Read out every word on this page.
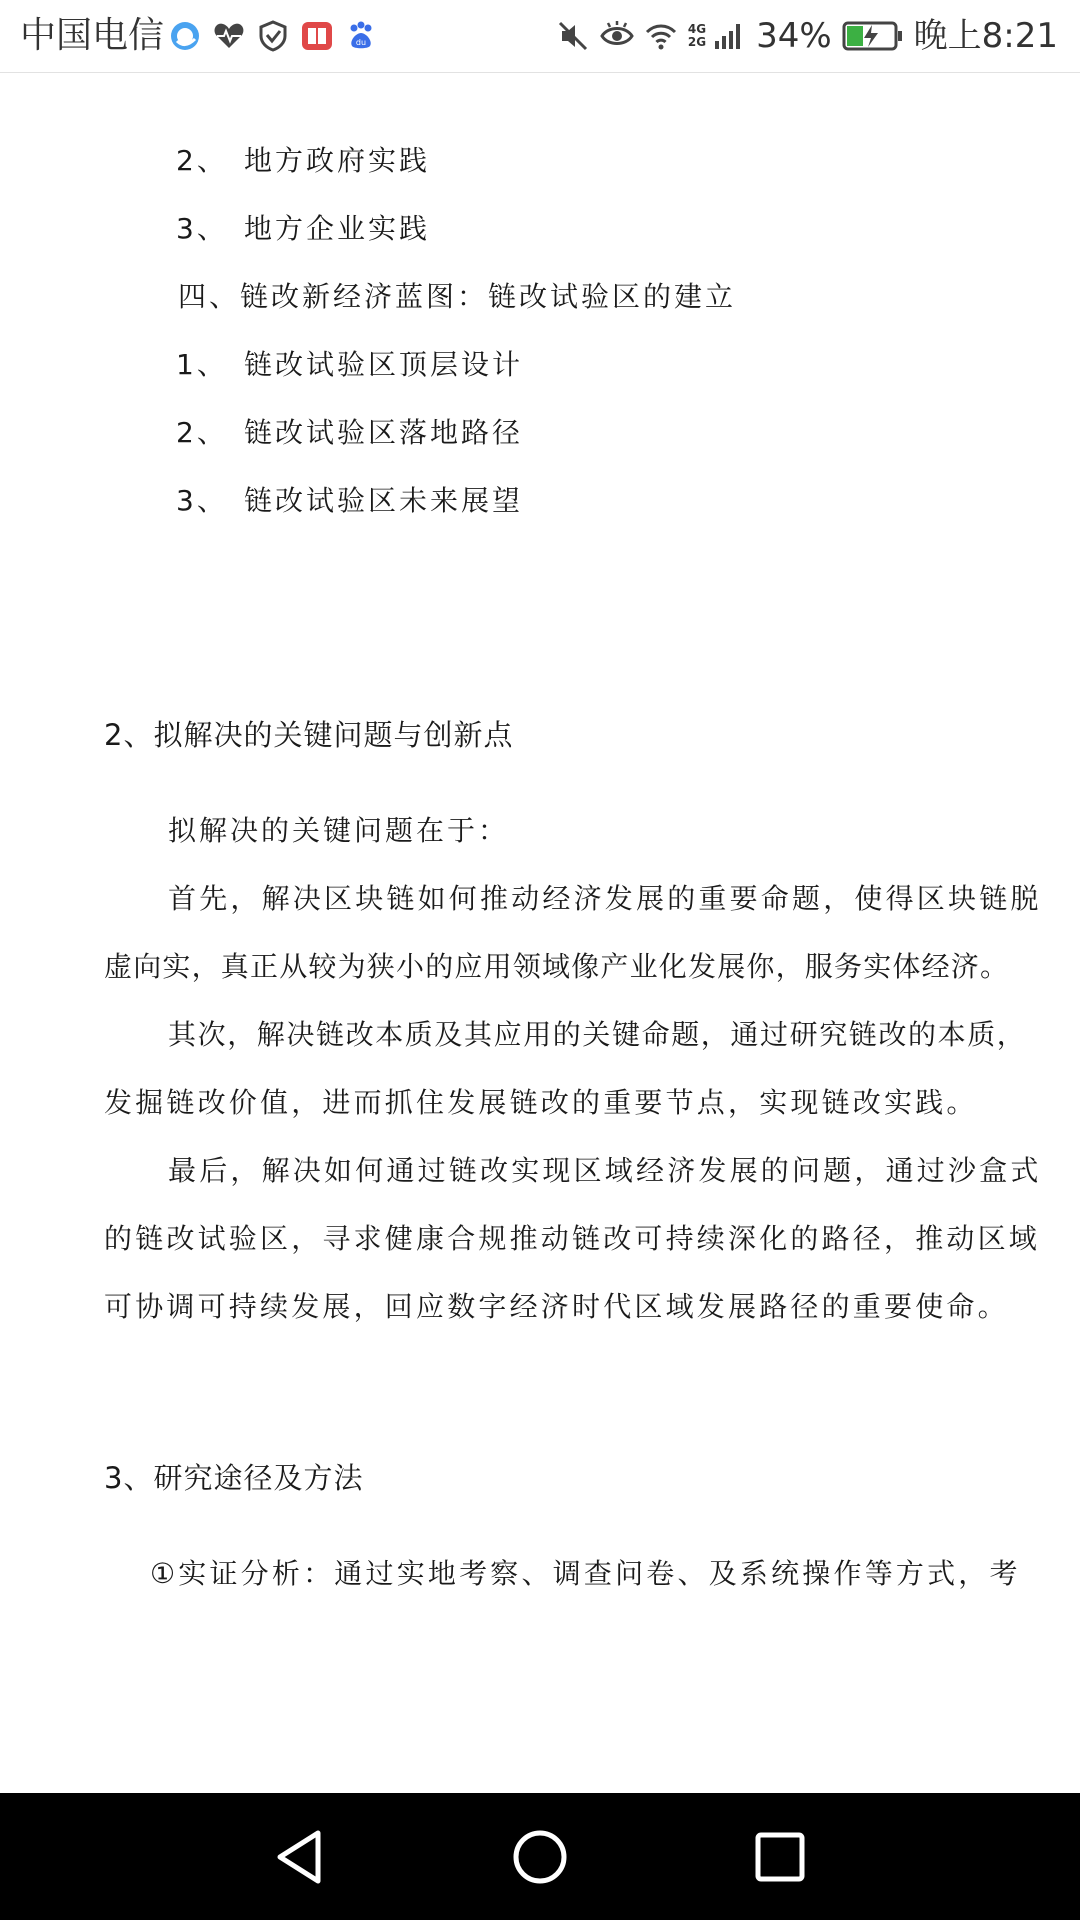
中国电信	du
4G
2G 34% 晚上8:21
2、 地方政府实践
3、 地方企业实践
四、链改新经济蓝图：链改试验区的建立
1、 链改试验区顶层设计
2、 链改试验区落地路径
3、 链改试验区未来展望
2、拟解决的关键问题与创新点
拟解决的关键问题在于：
首先，解决区块链如何推动经济发展的重要命题，使得区块链脱
虚向实，真正从较为狭小的应用领域像产业化发展你，服务实体经济。
其次，解决链改本质及其应用的关键命题，通过研究链改的本质，
发掘链改价值，进而抓住发展链改的重要节点，实现链改实践。
最后，解决如何通过链改实现区域经济发展的问题，通过沙盒式
的链改试验区，寻求健康合规推动链改可持续深化的路径，推动区域
可协调可持续发展，回应数字经济时代区域发展路径的重要使命。
3、研究途径及方法
①实证分析：通过实地考察、调查问卷、及系统操作等方式，考
